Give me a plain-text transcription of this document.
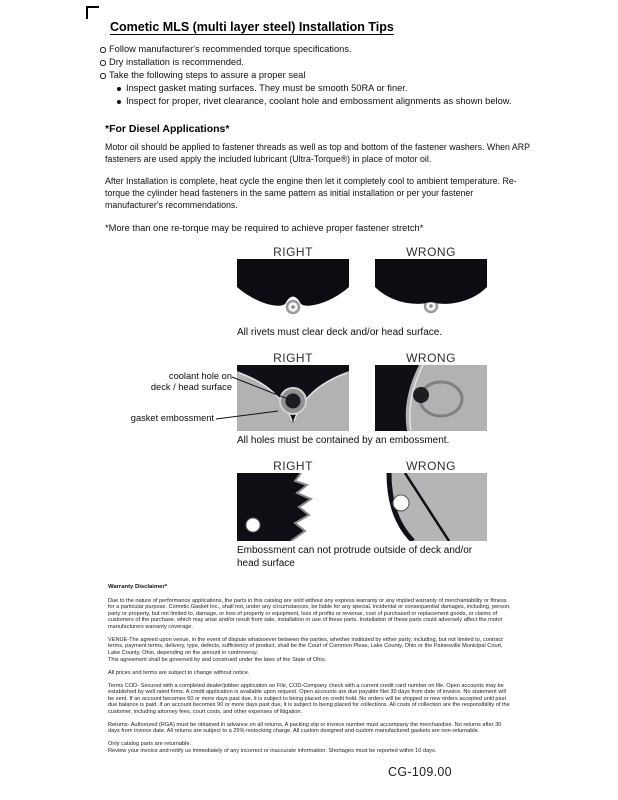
Cometic MLS (multi layer steel) Installation Tips
Follow manufacturer's recommended torque specifications.
Dry installation is recommended.
Take the following steps to assure a proper seal
Inspect gasket mating surfaces. They must be smooth 50RA or finer.
Inspect for proper, rivet clearance, coolant hole and embossment alignments as shown below.
*For Diesel Applications*

Motor oil should be applied to fastener threads as well as top and bottom of the fastener washers. When ARP fasteners are used apply the included lubricant (Ultra-Torque®) in place of motor oil.

After Installation is complete, heat cycle the engine then let it completely cool to ambient temperature. Re-torque the cylinder head fasteners in the same pattern as initial installation or per your fastener manufacturer's recommendations.

*More than one re-torque may be required to achieve proper fastener stretch*

RIGHT	WRONG
All rivets must clear deck and/or head surface.
RIGHT	WRONG
All holes must be contained by an embossment.
RIGHT	WRONG
Embossment can not protrude outside of deck and/or head surface
coolant hole on
deck / head surface
gasket embossment
Warranty Disclaimer*

Due to the nature of performance applications, the parts in this catalog are sold without any express warranty or any implied warranty of merchantability or fitness for a particular purpose. Cometic Gasket Inc., shall not, under any circumstances, be liable for any special, incidental or consequential damages, including, person, party or property, but not limited to, damage, or loss of property or equipment, loss of profits or revenue, cost of purchased or replacement goods, or claims of customers of the purchase, which may arise and/or result from sale, installation or use of these parts. Installation of these parts could adversely affect the motor manufacturers warranty coverage.

VENUE-The agreed upon venue, in the event of dispute whatsoever between the parties, whether instituted by either party, including, but not limited to, contract terms, payment terms, delivery, type, defects, sufficiency of product, shall be the Court of Common Pleas, Lake County, Ohio or the Painesville Municipal Court, Lake County, Ohio, depending on the amount in controversy.

This agreement shall be governed by and construed under the laws of the State of Ohio.

All prices and terms are subject to change without notice.

Terms COD- Secured with a completed dealer/jobber application on File, COD-Company check with a current credit card number on file. Open accounts may be established by well rated firms. A credit application is available upon request. Open accounts are due payable Net 30 days from date of invoice. No statement will be sent. If an account becomes 60 or more days past due, it is subject to being placed on credit hold. No orders will be shipped or new orders accepted until past due balance is paid. If an account becomes 90 or more days past due, it is subject to being placed for collections. All costs of collection are the responsibility of the customer, including attorney fees, court costs, and other expenses of litigation.

Returns- Authorized (RGA) must be obtained in advance on all returns. A packing slip or invoice number must accompany the merchandise. No returns after 30 days from invoice date. All returns are subject to a 25% restocking charge. All custom designed and custom manufactured gaskets are non-returnable.

Only catalog parts are returnable.

Review your invoice and notify us immediately of any incorrect or inaccurate information. Shortages must be reported within 10 days.

CG-109.00
